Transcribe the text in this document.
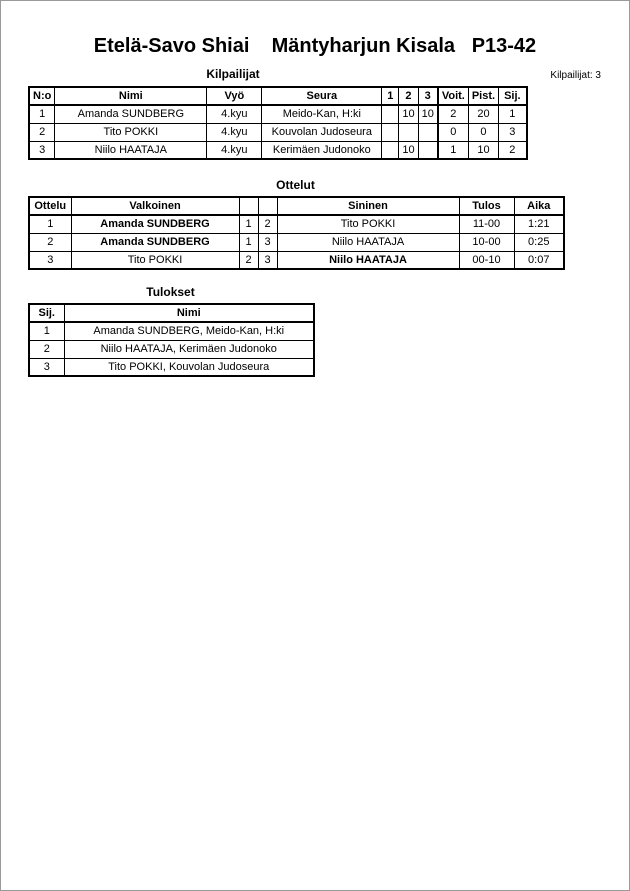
Etelä-Savo Shiai    Mäntyharjun Kisala   P13-42
Kilpailijat	Kilpailijat: 3
N:o	Nimi	Vyö	Seura	1	2	3	Voit.	Pist.	Sij.
1	Amanda SUNDBERG	4.kyu	Meido-Kan, H:ki		10	10	2	20	1
2	Tito POKKI	4.kyu	Kouvolan Judoseura				0	0	3
3	Niilo HAATAJA	4.kyu	Kerimäen Judonoko		10		1	10	2
Ottelut
Ottelu	Valkoinen			Sininen	Tulos	Aika
1	Amanda SUNDBERG	1	2	Tito POKKI	11-00	1:21
2	Amanda SUNDBERG	1	3	Niilo HAATAJA	10-00	0:25
3	Tito POKKI	2	3	Niilo HAATAJA	00-10	0:07
Tulokset
Sij.	Nimi
1	Amanda SUNDBERG, Meido-Kan, H:ki
2	Niilo HAATAJA, Kerimäen Judonoko
3	Tito POKKI, Kouvolan Judoseura
